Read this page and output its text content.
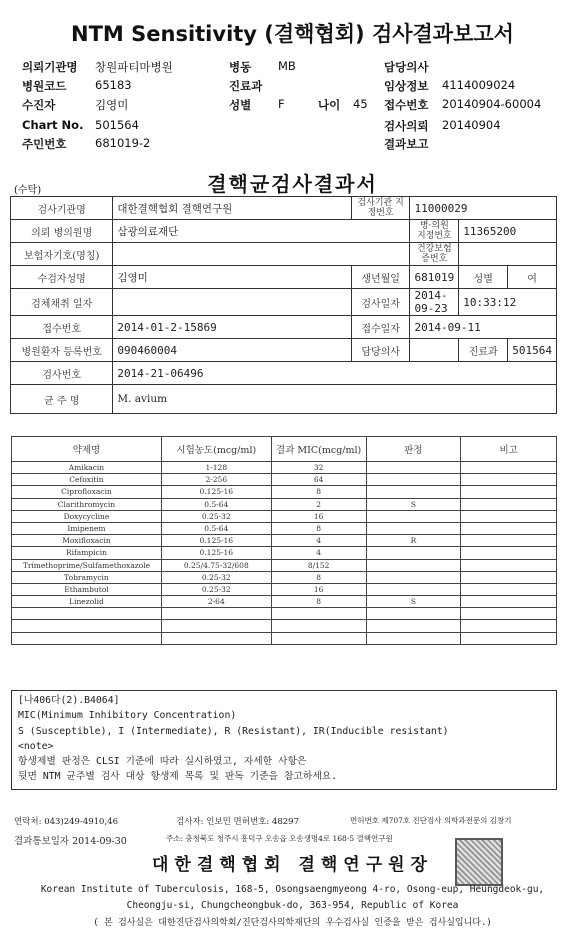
NTM Sensitivity (결핵협회) 검사결과보고서
의뢰기관명 창원파티마병원	병동 MB	담당의사
병원코드 65183	진료과	임상정보 4114009024
수진자	김영미	성별 F	나이 45 접수번호 20140904-60004
Chart No. 501564	검사의뢰 20140904
주민번호 681019-2	결과보고
(수탁)	결핵균검사결과서
검사기관명	대한결핵협회 결핵연구원	검사기관 지정번호	11000029		
의뢰 병의원명	삼광의료재단		병·의원 지정번호	11365200	
보험자기호(명칭)			건강보험 증번호		
수검자성명	김영미	생년월일	681019	성별	여
검체채취 일자		검사일자	2014-09-23	10:33:12	
접수번호	2014-01-2-15869	접수일자	2014-09-11		
병원환자 등록번호	090460004	담당의사		진료과	501564
검사번호	2014-21-06496				
균 주 명	M. avium				
약제명	시험농도(mcg/ml)	결과 MIC(mcg/ml)	판정	비고
Amikacin	1-128	32		
Cefoxitin	2-256	64		
Ciprofloxacin	0.125-16	8		
Clarithromycin	0.5-64	2	S	
Doxycycline	0.25-32	16		
Imipenem	0.5-64	8		
Moxifloxacin	0.125-16	4	R	
Rifampicin	0.125-16	4		
Trimethoprime/Sulfamethoxazole	0.25/4.75-32/608	8/152		
Tobramycin	0.25-32	8		
Ethambutol	0.25-32	16		
Linezolid	2-64	8	S	

[나406다(2).B4064]
MIC(Minimum Inhibitory Concentration)
S (Susceptible), I (Intermediate), R (Resistant), IR(Inducible resistant)
<note>
항생제별 판정은 CLSI 기준에 따라 실시하였고, 자세한 사항은
뒷면 NTM 균주별 검사 대상 항생제 목록 및 판독 기준을 참고하세요.
연락처: 043)249-4910,46	검사자: 인보민 면허번호: 48297	면허번호 제707호 진단검사 의학과전문의 김창기
결과통보일자 2014-09-30	주소: 충청북도 청주시 흥덕구 오송읍 오송생명4로 168-5 결핵연구원
대한결핵협회 결핵연구원장
Korean Institute of Tuberculosis, 168-5, Osongsaengmyeong 4-ro, Osong-eup, Heungdeok-gu,
Cheongju-si, Chungcheongbuk-do, 363-954, Republic of Korea
( 본 검사실은 대한진단검사의학회/진단검사의학재단의 우수검사실 인증을 받은 검사실입니다.)
